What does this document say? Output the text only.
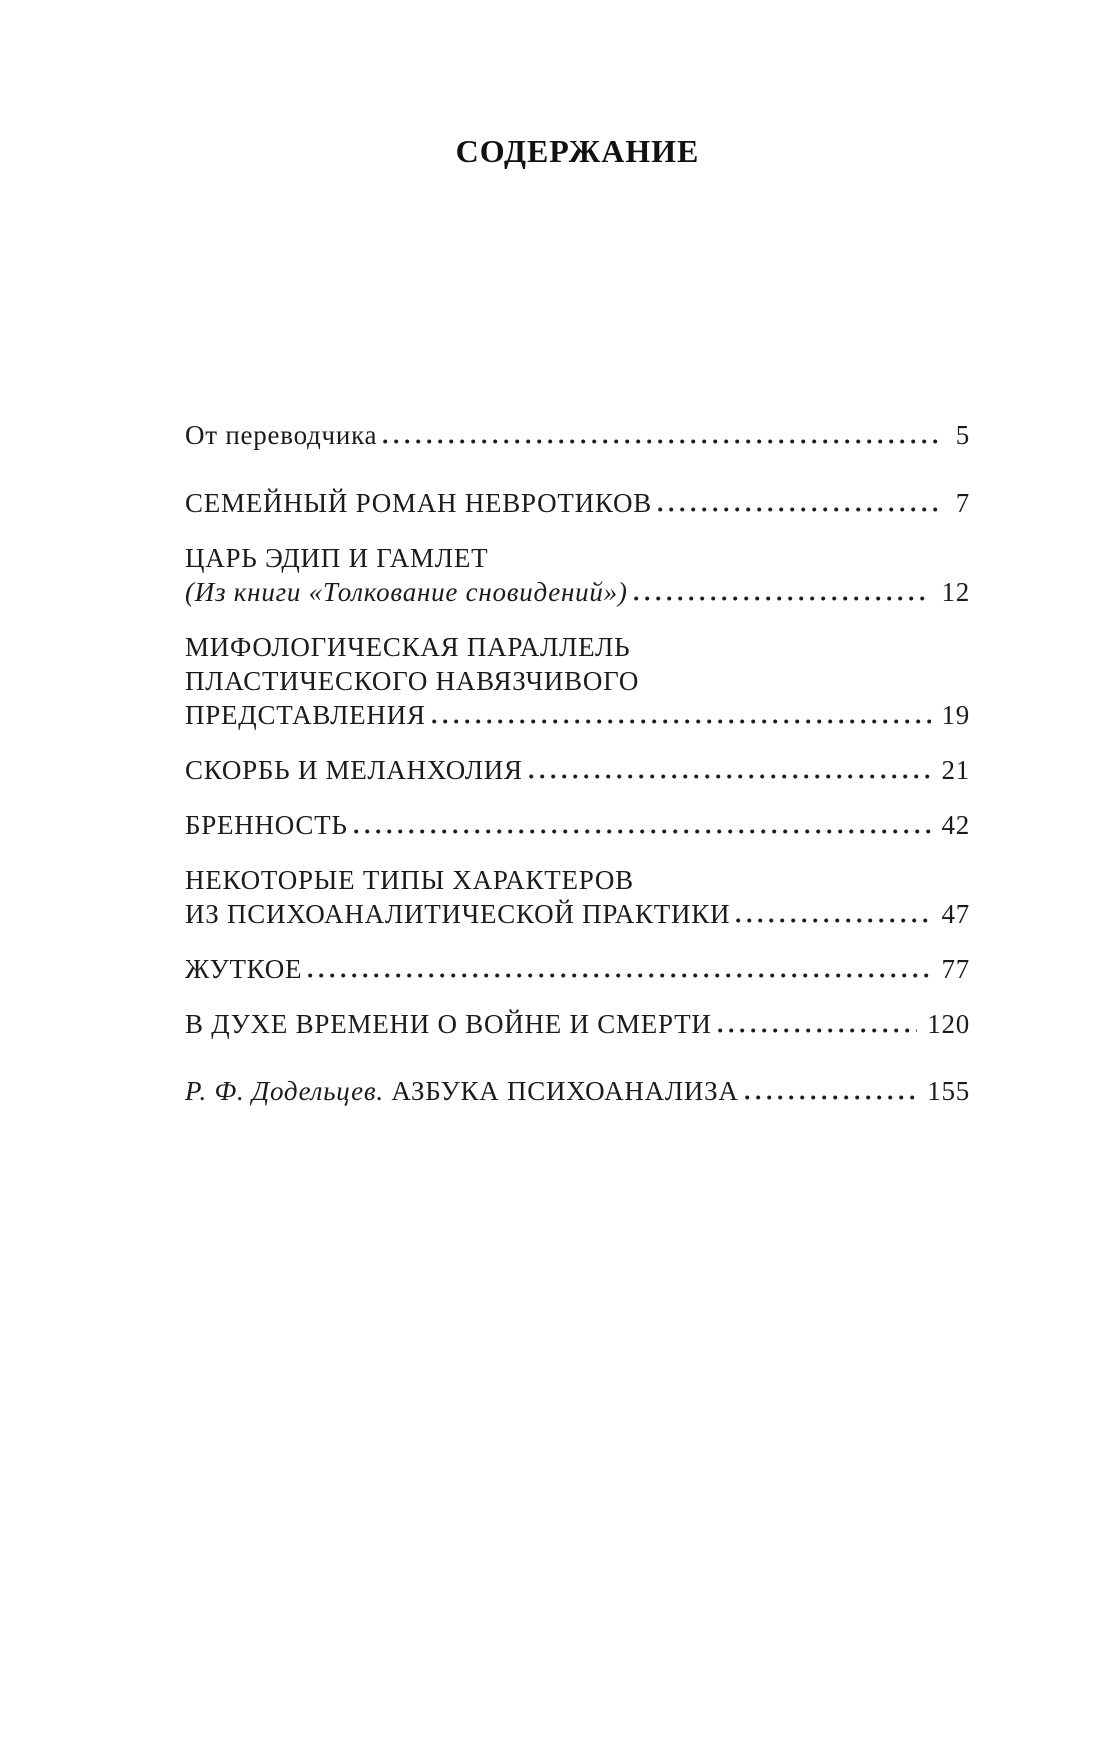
СОДЕРЖАНИЕ
От переводчика	5
СЕМЕЙНЫЙ РОМАН НЕВРОТИКОВ	7
ЦАРЬ ЭДИП И ГАМЛЕТ
(Из книги «Толкование сновидений»)	12
МИФОЛОГИЧЕСКАЯ ПАРАЛЛЕЛЬ
ПЛАСТИЧЕСКОГО НАВЯЗЧИВОГО
ПРЕДСТАВЛЕНИЯ	19
СКОРБЬ И МЕЛАНХОЛИЯ	21
БРЕННОСТЬ	42
НЕКОТОРЫЕ ТИПЫ ХАРАКТЕРОВ
ИЗ ПСИХОАНАЛИТИЧЕСКОЙ ПРАКТИКИ	47
ЖУТКОЕ	77
В ДУХЕ ВРЕМЕНИ О ВОЙНЕ И СМЕРТИ	120
Р. Ф. Додельцев. АЗБУКА ПСИХОАНАЛИЗА	155
